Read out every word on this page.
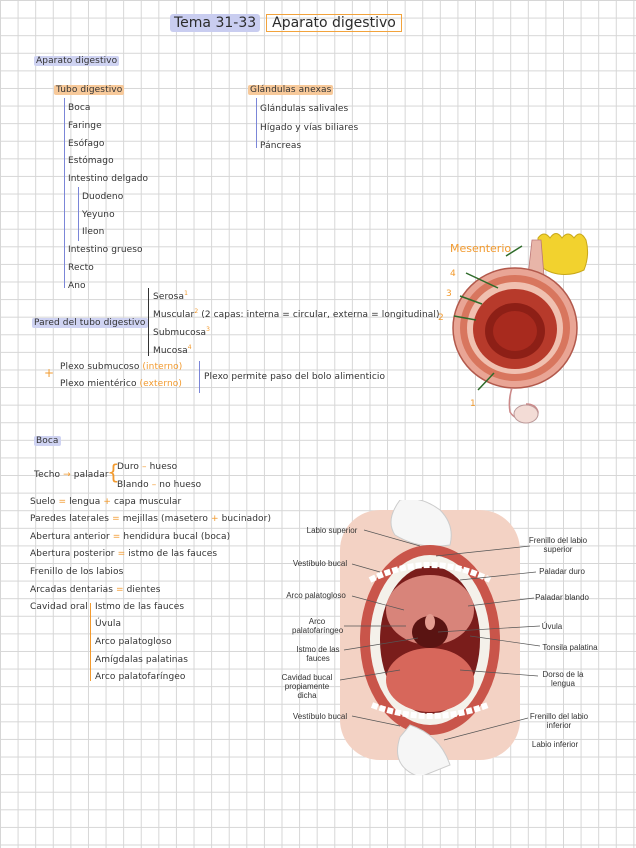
Tema 31-33	Aparato digestivo
Aparato digestivo
Tubo digestivo
Boca
Faringe
Esófago
Estómago
Intestino delgado
Duodeno
Yeyuno
Ileon
Intestino grueso
Recto
Ano
Glándulas anexas
Glándulas salivales
Hígado y vías biliares
Páncreas
Pared del tubo digestivo
Serosa$^1$
Muscular$^2$ (2 capas: interna = circular, externa = longitudinal)
Submucosa$^3$
Mucosa$^4$
+ Plexo submucoso (interno)
Plexo mientérico (externo)
Plexo permite paso del bolo alimenticio
Mesenterio
4
3
2
1
Boca
Techo → paladar
{
Duro – hueso
Blando – no hueso
Suelo = lengua + capa muscular
Paredes laterales = mejillas (masetero + bucinador)
Abertura anterior = hendidura bucal (boca)
Abertura posterior = istmo de las fauces
Frenillo de los labios
Arcadas dentarias = dientes
Cavidad oral Istmo de las fauces
Úvula
Arco palatogloso
Amígdalas palatinas
Arco palatofaríngeo
Labio superior
Vestíbulo bucal
Arco palatogloso
Arco palatofaríngeo
Istmo de las fauces
Cavidad bucal propiamente dicha
Vestíbulo bucal
Frenillo del labio superior
Paladar duro
Paladar blando
Úvula
Tonsila palatina
Dorso de la lengua
Frenillo del labio inferior
Labio inferior
